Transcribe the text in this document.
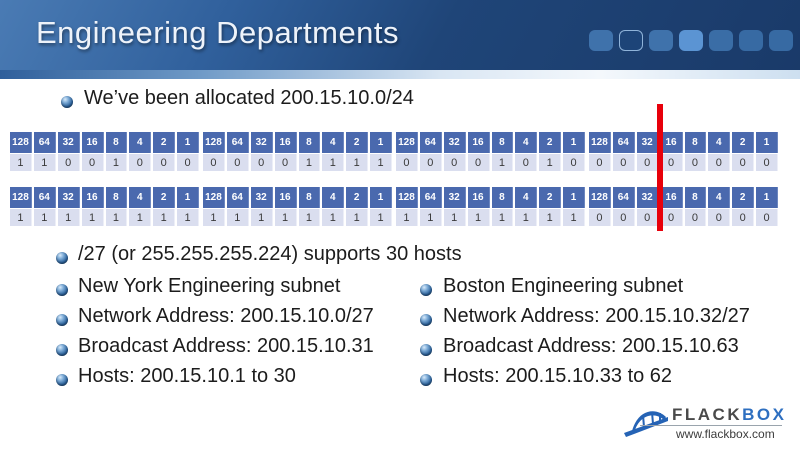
Engineering Departments
We’ve been allocated 200.15.10.0/24
128 64	32	16	8	4	2	1
1	1	0	0	1	0	0	0
128 64	32	16	8	4	2	1
0	0	0	0	1	1	1	1
128 64	32	16	8	4	2	1
0	0	0	0	1	0	1	0
128 64	32	16	8	4	2	1
0	0	0	0	0	0	0	0
128 64	32	16	8	4	2	1
1	1	1	1	1	1	1	1
128 64	32	16	8	4	2	1
1	1	1	1	1	1	1	1
128 64	32	16	8	4	2	1
1	1	1	1	1	1	1	1
128 64	32	16	8	4	2	1
0	0	0	0	0	0	0	0
/27 (or 255.255.255.224) supports 30 hosts
New York Engineering subnet
Network Address: 200.15.10.0/27
Broadcast Address: 200.15.10.31
Hosts: 200.15.10.1 to 30
Boston Engineering subnet
Network Address: 200.15.10.32/27
Broadcast Address: 200.15.10.63
Hosts: 200.15.10.33 to 62
FLACKBOX
www.flackbox.com
